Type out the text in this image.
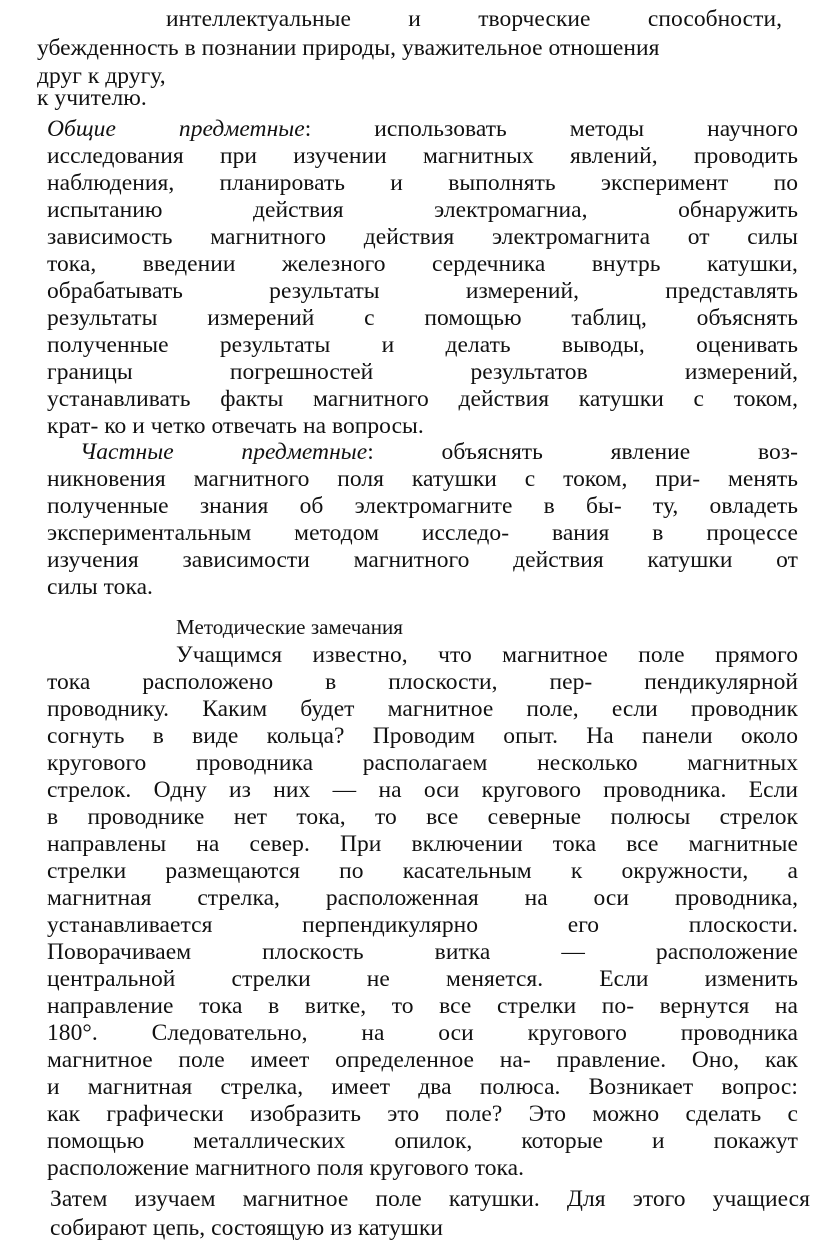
интеллектуальные и творческие способности,
убежденность в познании природы, уважительное отношения
друг к другу,
к учителю.
Общие предметные: использовать методы научного
исследования при изучении магнитных явлений, проводить
наблюдения, планировать и выполнять эксперимент по
испытанию действия электромагниа, обнаружить
зависимость магнитного действия электромагнита от силы
тока, введении железного сердечника внутрь катушки,
обрабатывать результаты измерений, представлять
результаты измерений с помощью таблиц, объяснять
полученные результаты и делать выводы, оценивать
границы погрешностей результатов измерений,
устанавливать факты магнитного действия катушки с током,
крат- ко и четко отвечать на вопросы.
Частные предметные: объяснять явление воз-
никновения магнитного поля катушки с током, при- менять
полученные знания об электромагните в бы- ту, овладеть
экспериментальным методом исследо- вания в процессе
изучения зависимости магнитного действия катушки от
силы тока.
Методические замечания
Учащимся известно, что магнитное поле прямого
тока расположено в плоскости, пер- пендикулярной
проводнику. Каким будет магнитное поле, если проводник
согнуть в виде кольца? Проводим опыт. На панели около
кругового проводника располагаем несколько магнитных
стрелок. Одну из них — на оси кругового проводника. Если
в проводнике нет тока, то все северные полюсы стрелок
направлены на север. При включении тока все магнитные
стрелки размещаются по касательным к окружности, а
магнитная стрелка, расположенная на оси проводника,
устанавливается перпендикулярно его плоскости.
Поворачиваем плоскость витка — расположение
центральной стрелки не меняется. Если изменить
направление тока в витке, то все стрелки по- вернутся на
180°. Следовательно, на оси кругового проводника
магнитное поле имеет определенное на- правление. Оно, как
и магнитная стрелка, имеет два полюса. Возникает вопрос:
как графически изобразить это поле? Это можно сделать с
помощью металлических опилок, которые и покажут
расположение магнитного поля кругового тока.
Затем изучаем магнитное поле катушки. Для этого учащиеся
собирают цепь, состоящую из катушки
